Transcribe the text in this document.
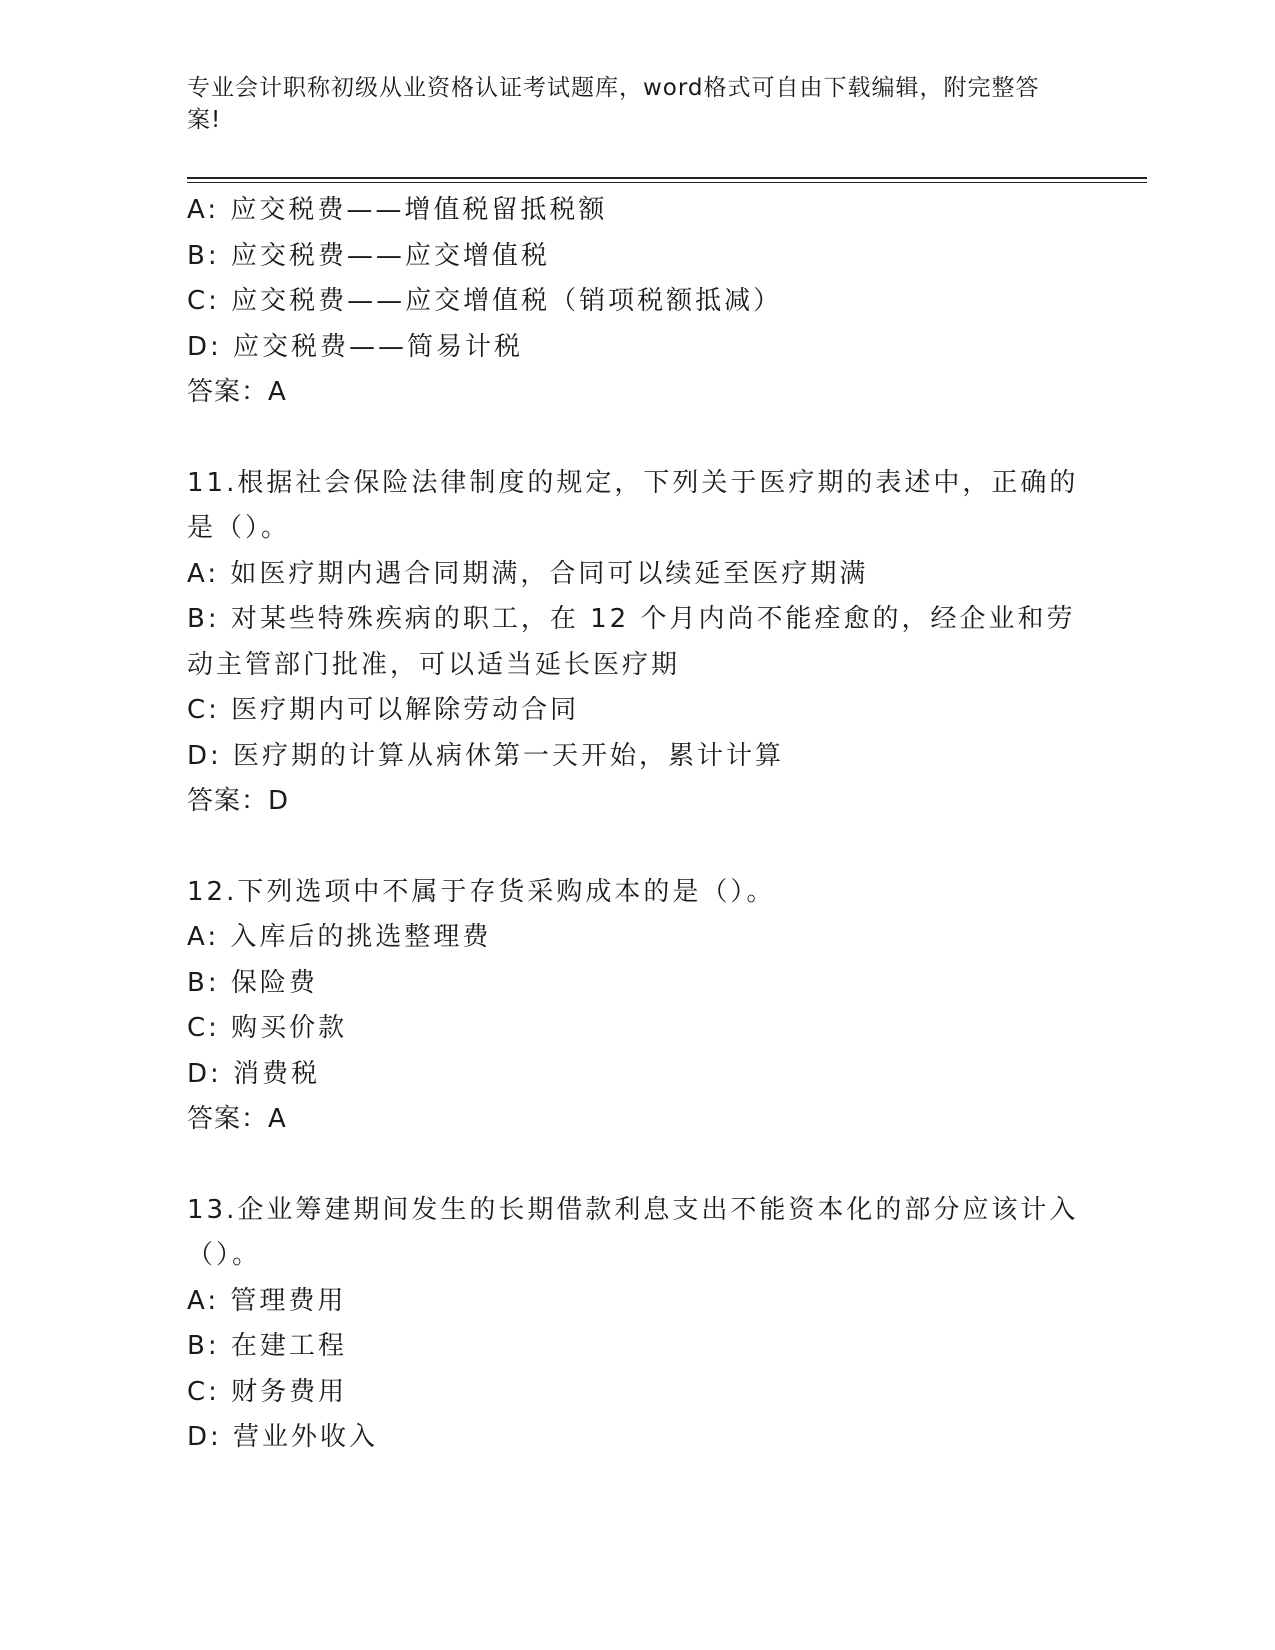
专业会计职称初级从业资格认证考试题库，word格式可自由下载编辑，附完整答
案!
A: 应交税费——增值税留抵税额
B: 应交税费——应交增值税
C: 应交税费——应交增值税（销项税额抵减）
D: 应交税费——简易计税
答案：A
11.根据社会保险法律制度的规定，下列关于医疗期的表述中，正确的
是（）。
A: 如医疗期内遇合同期满，合同可以续延至医疗期满
B: 对某些特殊疾病的职工，在 12 个月内尚不能痊愈的，经企业和劳
动主管部门批准，可以适当延长医疗期
C: 医疗期内可以解除劳动合同
D: 医疗期的计算从病休第一天开始，累计计算
答案：D
12.下列选项中不属于存货采购成本的是（）。
A: 入库后的挑选整理费
B: 保险费
C: 购买价款
D: 消费税
答案：A
13.企业筹建期间发生的长期借款利息支出不能资本化的部分应该计入
（）。
A: 管理费用
B: 在建工程
C: 财务费用
D: 营业外收入
